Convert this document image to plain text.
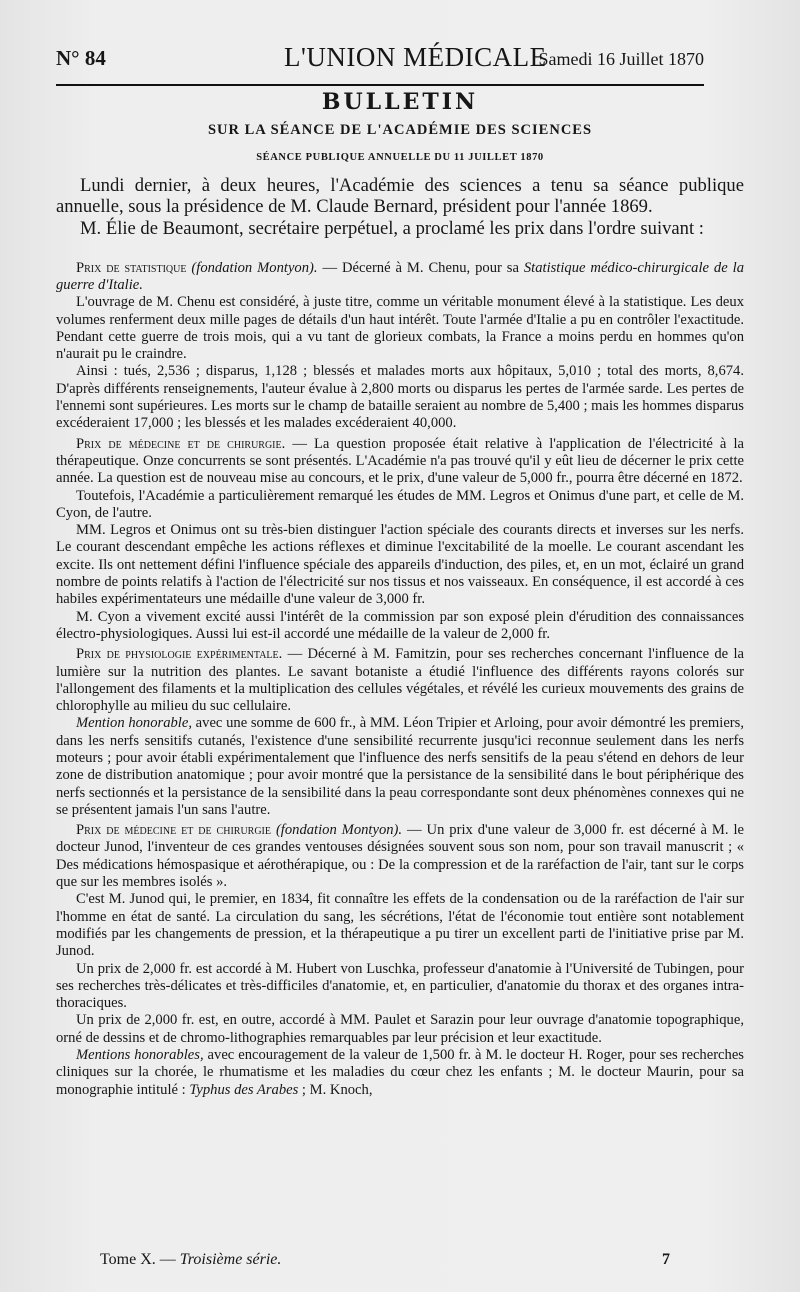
N° 84	L'UNION MÉDICALE
Samedi 16 Juillet 1870
BULLETIN
SUR LA SÉANCE DE L'ACADÉMIE DES SCIENCES
SÉANCE PUBLIQUE ANNUELLE DU 11 JUILLET 1870

Lundi dernier, à deux heures, l'Académie des sciences a tenu sa séance publique annuelle, sous la présidence de M. Claude Bernard, président pour l'année 1869.

M. Élie de Beaumont, secrétaire perpétuel, a proclamé les prix dans l'ordre suivant :

Prix de statistique (fondation Montyon). — Décerné à M. Chenu, pour sa Statistique médico-chirurgicale de la guerre d'Italie.

L'ouvrage de M. Chenu est considéré, à juste titre, comme un véritable monument élevé à la statistique. Les deux volumes renferment deux mille pages de détails d'un haut intérêt. Toute l'armée d'Italie a pu en contrôler l'exactitude. Pendant cette guerre de trois mois, qui a vu tant de glorieux combats, la France a moins perdu en hommes qu'on n'aurait pu le craindre.

Ainsi : tués, 2,536 ; disparus, 1,128 ; blessés et malades morts aux hôpitaux, 5,010 ; total des morts, 8,674. D'après différents renseignements, l'auteur évalue à 2,800 morts ou disparus les pertes de l'armée sarde. Les pertes de l'ennemi sont supérieures. Les morts sur le champ de bataille seraient au nombre de 5,400 ; mais les hommes disparus excéderaient 17,000 ; les blessés et les malades excéderaient 40,000.

Prix de médecine et de chirurgie. — La question proposée était relative à l'application de l'électricité à la thérapeutique. Onze concurrents se sont présentés. L'Académie n'a pas trouvé qu'il y eût lieu de décerner le prix cette année. La question est de nouveau mise au concours, et le prix, d'une valeur de 5,000 fr., pourra être décerné en 1872.

Toutefois, l'Académie a particulièrement remarqué les études de MM. Legros et Onimus d'une part, et celle de M. Cyon, de l'autre.

MM. Legros et Onimus ont su très-bien distinguer l'action spéciale des courants directs et inverses sur les nerfs. Le courant descendant empêche les actions réflexes et diminue l'excitabilité de la moelle. Le courant ascendant les excite. Ils ont nettement défini l'influence spéciale des appareils d'induction, des piles, et, en un mot, éclairé un grand nombre de points relatifs à l'action de l'électricité sur nos tissus et nos vaisseaux. En conséquence, il est accordé à ces habiles expérimentateurs une médaille d'une valeur de 3,000 fr.

M. Cyon a vivement excité aussi l'intérêt de la commission par son exposé plein d'érudition des connaissances électro-physiologiques. Aussi lui est-il accordé une médaille de la valeur de 2,000 fr.

Prix de physiologie expérimentale. — Décerné à M. Famitzin, pour ses recherches concernant l'influence de la lumière sur la nutrition des plantes. Le savant botaniste a étudié l'influence des différents rayons colorés sur l'allongement des filaments et la multiplication des cellules végétales, et révélé les curieux mouvements des grains de chlorophylle au milieu du suc cellulaire.

Mention honorable, avec une somme de 600 fr., à MM. Léon Tripier et Arloing, pour avoir démontré les premiers, dans les nerfs sensitifs cutanés, l'existence d'une sensibilité recurrente jusqu'ici reconnue seulement dans les nerfs moteurs ; pour avoir établi expérimentalement que l'influence des nerfs sensitifs de la peau s'étend en dehors de leur zone de distribution anatomique ; pour avoir montré que la persistance de la sensibilité dans le bout périphérique des nerfs sectionnés et la persistance de la sensibilité dans la peau correspondante sont deux phénomènes connexes qui ne se présentent jamais l'un sans l'autre.

Prix de médecine et de chirurgie (fondation Montyon). — Un prix d'une valeur de 3,000 fr. est décerné à M. le docteur Junod, l'inventeur de ces grandes ventouses désignées souvent sous son nom, pour son travail manuscrit ; « Des médications hémospasique et aérothérapique, ou : De la compression et de la raréfaction de l'air, tant sur le corps que sur les membres isolés ».

C'est M. Junod qui, le premier, en 1834, fit connaître les effets de la condensation ou de la raréfaction de l'air sur l'homme en état de santé. La circulation du sang, les sécrétions, l'état de l'économie tout entière sont notablement modifiés par les changements de pression, et la thérapeutique a pu tirer un excellent parti de l'initiative prise par M. Junod.

Un prix de 2,000 fr. est accordé à M. Hubert von Luschka, professeur d'anatomie à l'Université de Tubingen, pour ses recherches très-délicates et très-difficiles d'anatomie, et, en particulier, d'anatomie du thorax et des organes intra-thoraciques.

Un prix de 2,000 fr. est, en outre, accordé à MM. Paulet et Sarazin pour leur ouvrage d'anatomie topographique, orné de dessins et de chromo-lithographies remarquables par leur précision et leur exactitude.

Mentions honorables, avec encouragement de la valeur de 1,500 fr. à M. le docteur H. Roger, pour ses recherches cliniques sur la chorée, le rhumatisme et les maladies du cœur chez les enfants ; M. le docteur Maurin, pour sa monographie intitulé : Typhus des Arabes ; M. Knoch,

Tome X. — Troisième série.	7
